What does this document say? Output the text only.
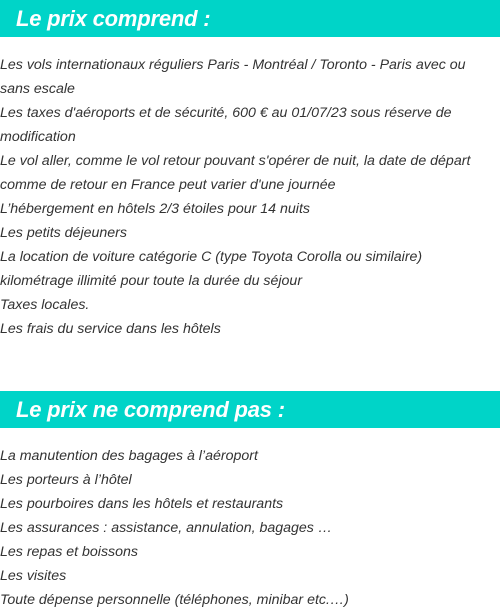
Le prix comprend :
Les vols internationaux réguliers Paris - Montréal / Toronto - Paris avec ou sans escale
Les taxes d'aéroports et de sécurité, 600 € au 01/07/23 sous réserve de modification
Le vol aller, comme le vol retour pouvant s'opérer de nuit, la date de départ comme de retour en France peut varier d'une journée
L’hébergement en hôtels 2/3 étoiles pour 14 nuits
Les petits déjeuners
La location de voiture catégorie C (type Toyota Corolla ou similaire) kilométrage illimité pour toute la durée du séjour
Taxes locales.
Les frais du service dans les hôtels
Le prix ne comprend pas :
La manutention des bagages à l’aéroport
Les porteurs à l’hôtel
Les pourboires dans les hôtels et restaurants
Les assurances : assistance, annulation, bagages …
Les repas et boissons
Les visites
Toute dépense personnelle (téléphones, minibar etc.…)
